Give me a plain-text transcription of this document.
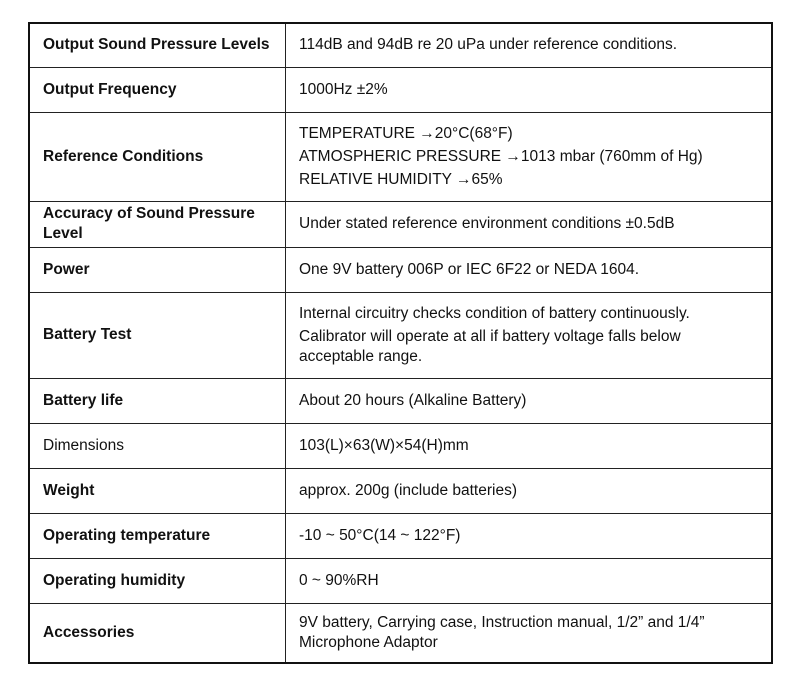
Output Sound Pressure Levels	114dB and 94dB re 20 uPa under reference conditions.

Output Frequency	1000Hz ±2%

Reference Conditions	TEMPERATURE →20°C(68°F)
ATMOSPHERIC PRESSURE →1013 mbar (760mm of Hg)
RELATIVE HUMIDITY →65%

Accuracy of Sound Pressure Level	Under stated reference environment conditions ±0.5dB

Power	One 9V battery 006P or IEC 6F22 or NEDA 1604.

Battery Test	Internal circuitry checks condition of battery continuously.
Calibrator will operate at all if battery voltage falls below acceptable range.

Battery life	About 20 hours (Alkaline Battery)

Dimensions	103(L)×63(W)×54(H)mm

Weight	approx. 200g (include batteries)

Operating temperature	-10 ~ 50°C(14 ~ 122°F)

Operating humidity	0 ~ 90%RH

Accessories	9V battery, Carrying case, Instruction manual, 1/2” and 1/4” Microphone Adaptor
